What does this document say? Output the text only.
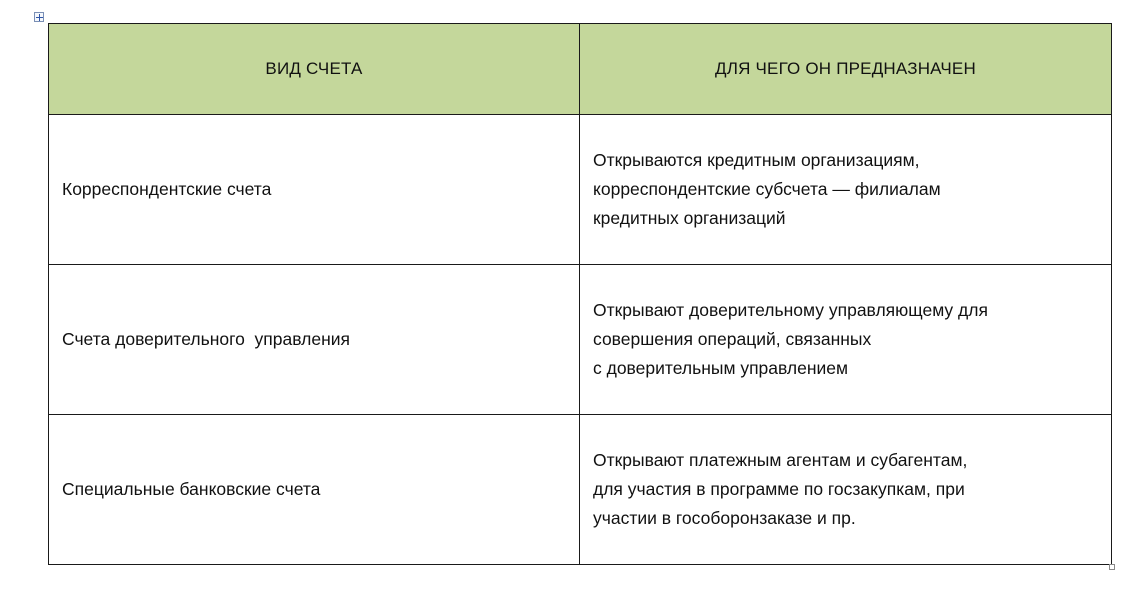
ВИД СЧЕТА	ДЛЯ ЧЕГО ОН ПРЕДНАЗНАЧЕН
Корреспондентские счета	Открываются кредитным организациям,
корреспондентские субсчета — филиалам
кредитных организаций

Счета доверительного  управления	Открывают доверительному управляющему для
совершения операций, связанных
с доверительным управлением

Специальные банковские счета	Открывают платежным агентам и субагентам,
для участия в программе по госзакупкам, при
участии в гособоронзаказе и пр.
